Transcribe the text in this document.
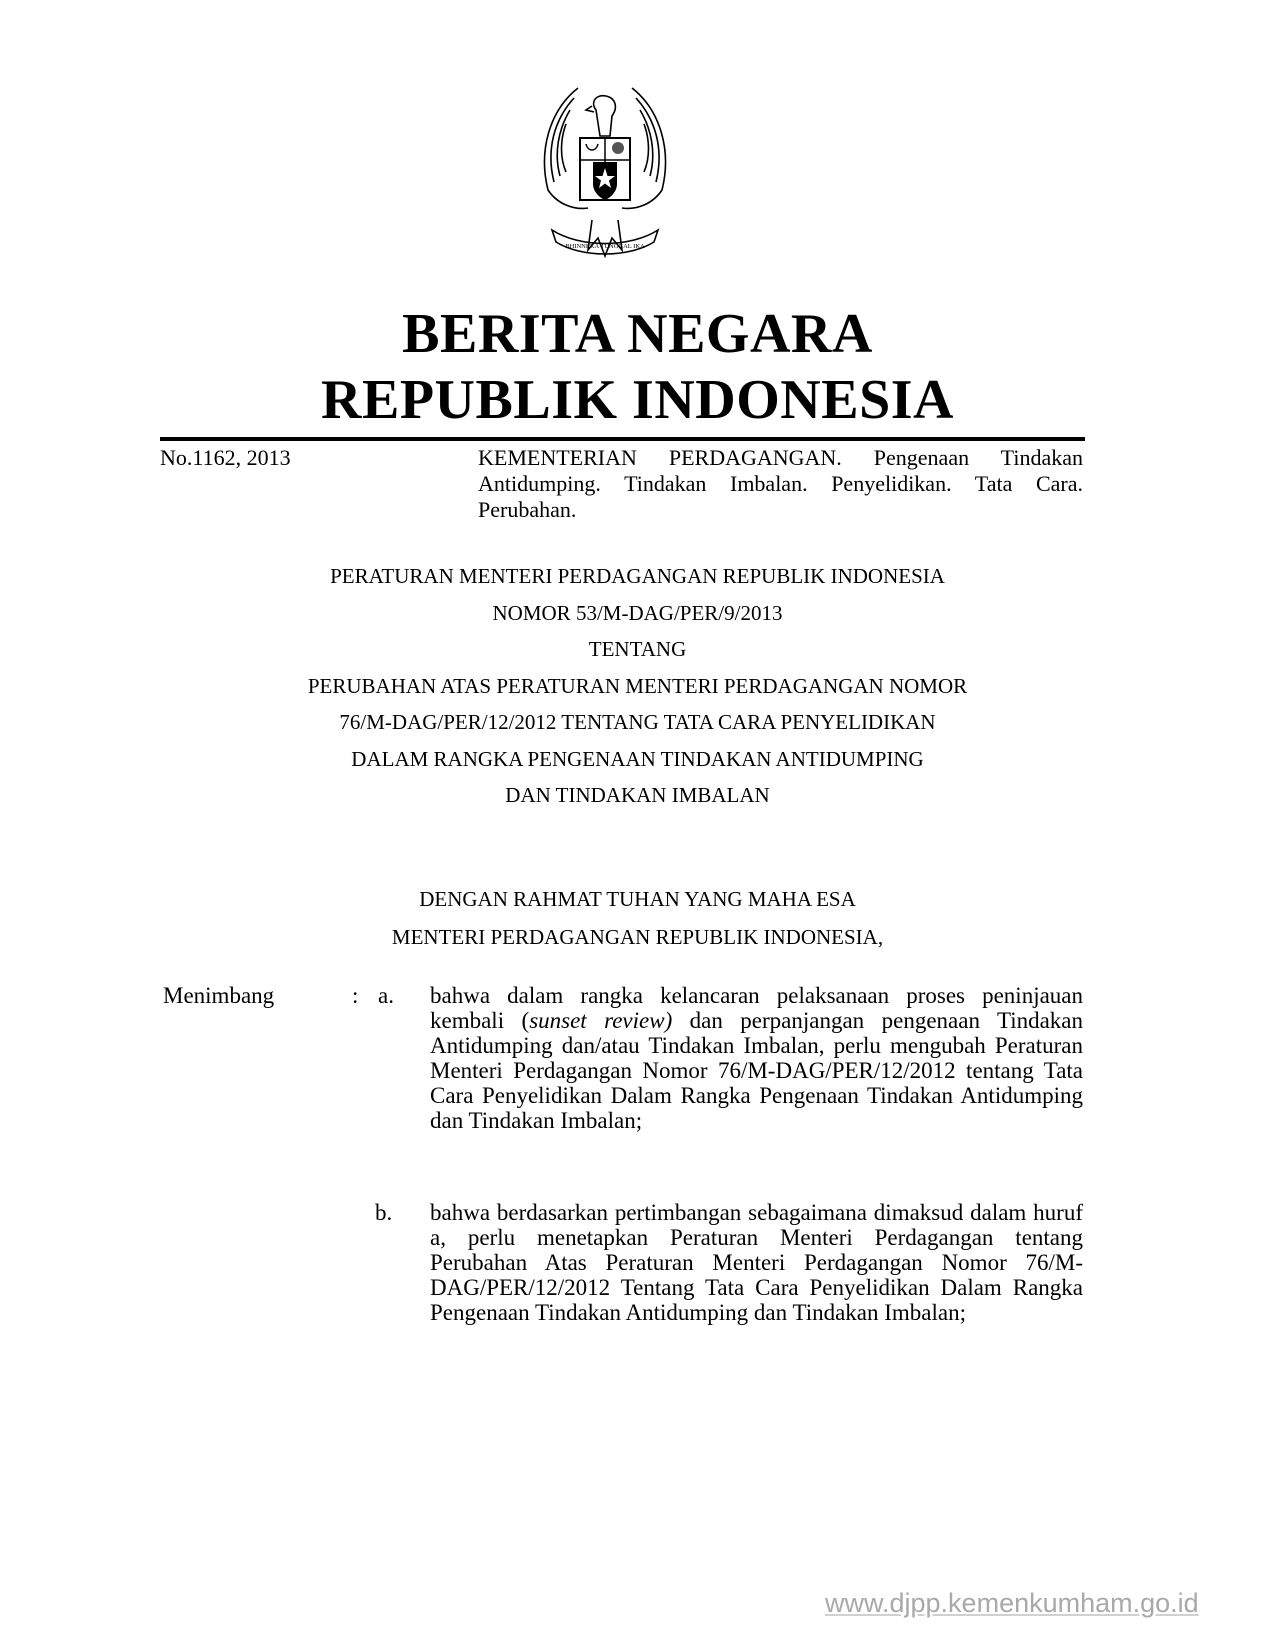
BHINNEKA TUNGGAL IKA
BERITA NEGARA
REPUBLIK INDONESIA
No.1162, 2013	KEMENTERIAN PERDAGANGAN. Pengenaan Tindakan Antidumping. Tindakan Imbalan. Penyelidikan. Tata Cara. Perubahan.
PERATURAN MENTERI PERDAGANGAN REPUBLIK INDONESIA
NOMOR 53/M-DAG/PER/9/2013
TENTANG
PERUBAHAN ATAS PERATURAN MENTERI PERDAGANGAN NOMOR
76/M-DAG/PER/12/2012 TENTANG TATA CARA PENYELIDIKAN
DALAM RANGKA PENGENAAN TINDAKAN ANTIDUMPING
DAN TINDAKAN IMBALAN
DENGAN RAHMAT TUHAN YANG MAHA ESA
MENTERI PERDAGANGAN REPUBLIK INDONESIA,
Menimbang	: a. bahwa dalam rangka kelancaran pelaksanaan proses peninjauan kembali (sunset review) dan perpanjangan pengenaan Tindakan Antidumping dan/atau Tindakan Imbalan, perlu mengubah Peraturan Menteri Perdagangan Nomor 76/M-DAG/PER/12/2012 tentang Tata Cara Penyelidikan Dalam Rangka Pengenaan Tindakan Antidumping dan Tindakan Imbalan;
b. bahwa berdasarkan pertimbangan sebagaimana dimaksud dalam huruf a, perlu menetapkan Peraturan Menteri Perdagangan tentang Perubahan Atas Peraturan Menteri Perdagangan Nomor 76/M-DAG/PER/12/2012 Tentang Tata Cara Penyelidikan Dalam Rangka Pengenaan Tindakan Antidumping dan Tindakan Imbalan;
www.djpp.kemenkumham.go.id
